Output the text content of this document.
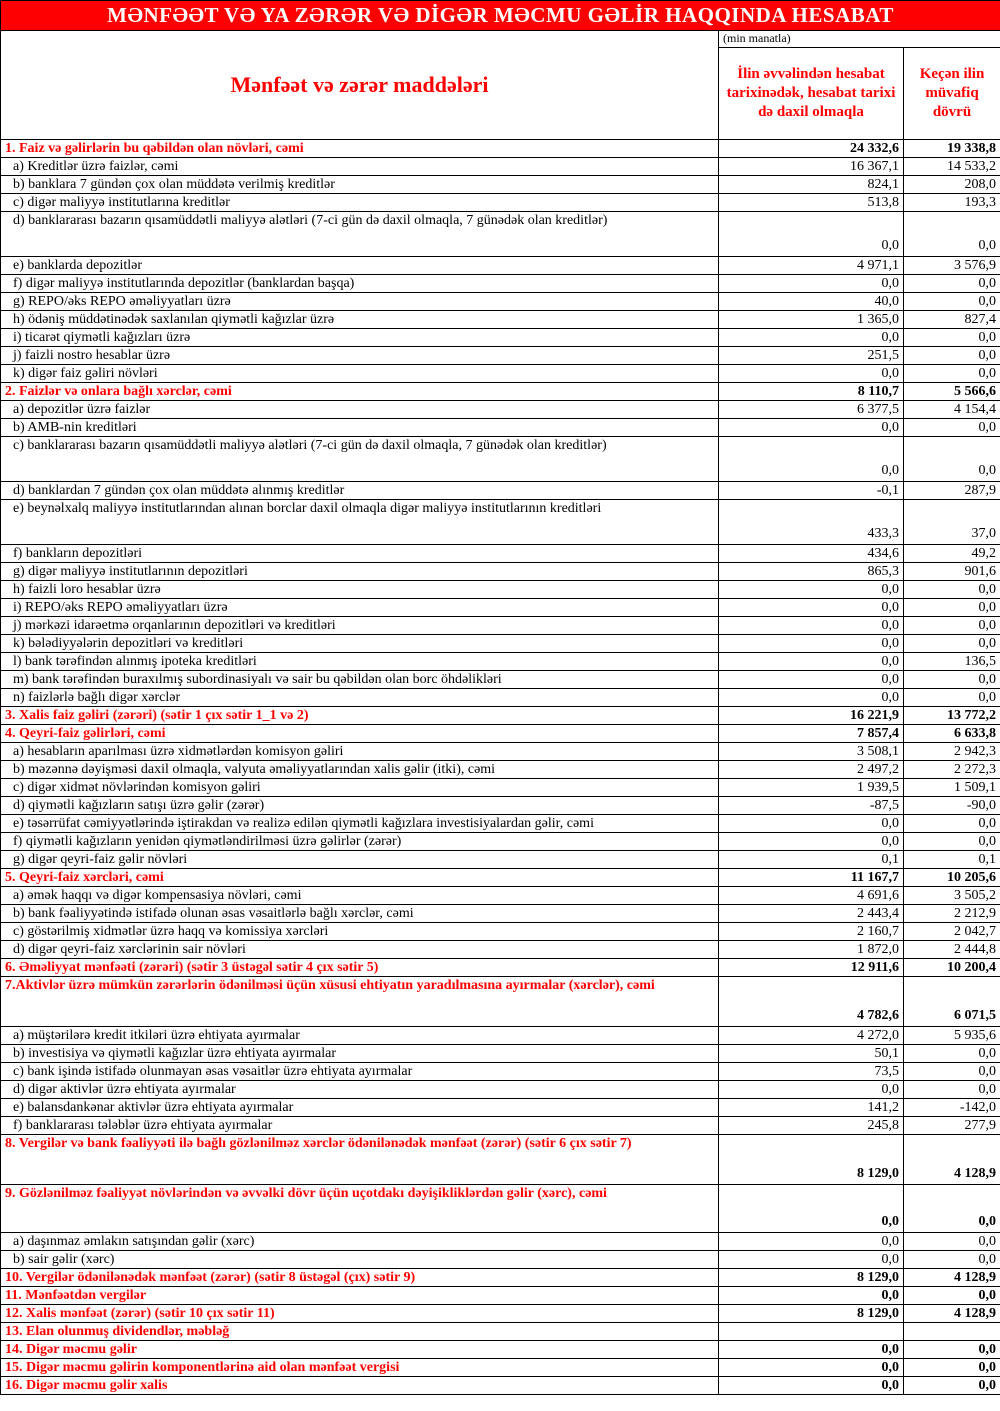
MƏNFƏƏT VƏ YA ZƏRƏR VƏ DİGƏR MƏCMU GƏLİR HAQQINDA HESABAT		
Mənfəət və zərər maddələri	(min manatla)	
	İlin əvvəlindən hesabat tarixinədək, hesabat tarixi də daxil olmaqla	Keçən ilin müvafiq dövrü
1. Faiz və gəlirlərin bu qəbildən olan növləri, cəmi	24 332,6	19 338,8
a) Kreditlər üzrə faizlər, cəmi	16 367,1	14 533,2
b) banklara 7 gündən çox olan müddətə verilmiş kreditlər	824,1	208,0
c) digər maliyyə institutlarına kreditlər	513,8	193,3
d) banklararası bazarın qısamüddətli maliyyə alətləri (7-ci gün də daxil olmaqla, 7 günədək olan kreditlər)	0,0	0,0
e) banklarda depozitlər	4 971,1	3 576,9
f) digər maliyyə institutlarında depozitlər (banklardan başqa)	0,0	0,0
g) REPO/əks REPO əməliyyatları üzrə	40,0	0,0
h) ödəniş müddətinədək saxlanılan qiymətli kağızlar üzrə	1 365,0	827,4
i) ticarət qiymətli kağızları üzrə	0,0	0,0
j) faizli nostro hesablar üzrə	251,5	0,0
k) digər faiz gəliri növləri	0,0	0,0
2. Faizlər və onlara bağlı xərclər, cəmi	8 110,7	5 566,6
a) depozitlər üzrə faizlər	6 377,5	4 154,4
b) AMB-nin kreditləri	0,0	0,0
c) banklararası bazarın qısamüddətli maliyyə alətləri (7-ci gün də daxil olmaqla, 7 günədək olan kreditlər)	0,0	0,0
d) banklardan 7 gündən çox olan müddətə alınmış kreditlər	-0,1	287,9
e) beynəlxalq maliyyə institutlarından alınan borclar daxil olmaqla digər maliyyə institutlarının kreditləri	433,3	37,0
f) bankların depozitləri	434,6	49,2
g) digər maliyyə institutlarının depozitləri	865,3	901,6
h) faizli loro hesablar üzrə	0,0	0,0
i) REPO/əks REPO əməliyyatları üzrə	0,0	0,0
j) mərkəzi idarəetmə orqanlarının depozitləri və kreditləri	0,0	0,0
k) bələdiyyələrin depozitləri və kreditləri	0,0	0,0
l) bank tərəfindən alınmış ipoteka kreditləri	0,0	136,5
m) bank tərəfindən buraxılmış subordinasiyalı və sair bu qəbildən olan borc öhdəlikləri	0,0	0,0
n) faizlərlə bağlı digər xərclər	0,0	0,0
3. Xalis faiz gəliri (zərəri) (sətir 1 çıx sətir 1_1 və 2)	16 221,9	13 772,2
4. Qeyri-faiz gəlirləri, cəmi	7 857,4	6 633,8
a) hesabların aparılması üzrə xidmətlərdən komisyon gəliri	3 508,1	2 942,3
b) məzənnə dəyişməsi daxil olmaqla, valyuta əməliyyatlarından xalis gəlir (itki), cəmi	2 497,2	2 272,3
c) digər xidmət növlərindən komisyon gəliri	1 939,5	1 509,1
d) qiymətli kağızların satışı üzrə gəlir (zərər)	-87,5	-90,0
e) təsərrüfat cəmiyyətlərində iştirakdan və realizə edilən qiymətli kağızlara investisiyalardan gəlir, cəmi	0,0	0,0
f) qiymətli kağızların yenidən qiymətləndirilməsi üzrə gəlirlər (zərər)	0,0	0,0
g) digər qeyri-faiz gəlir növləri	0,1	0,1
5. Qeyri-faiz xərcləri, cəmi	11 167,7	10 205,6
a) əmək haqqı və digər kompensasiya növləri, cəmi	4 691,6	3 505,2
b) bank fəaliyyətində istifadə olunan əsas vəsaitlərlə bağlı xərclər, cəmi	2 443,4	2 212,9
c) göstərilmiş xidmətlər üzrə haqq və komissiya xərcləri	2 160,7	2 042,7
d) digər qeyri-faiz xərclərinin sair növləri	1 872,0	2 444,8
6. Əməliyyat mənfəəti (zərəri) (sətir 3 üstəgəl sətir 4 çıx sətir 5)	12 911,6	10 200,4
7.Aktivlər üzrə mümkün zərərlərin ödənilməsi üçün xüsusi ehtiyatın yaradılmasına ayırmalar (xərclər), cəmi	4 782,6	6 071,5
a) müştərilərə kredit itkiləri üzrə ehtiyata ayırmalar	4 272,0	5 935,6
b) investisiya və qiymətli kağızlar üzrə ehtiyata ayırmalar	50,1	0,0
c) bank işində istifadə olunmayan əsas vəsaitlər üzrə ehtiyata ayırmalar	73,5	0,0
d) digər aktivlər üzrə ehtiyata ayırmalar	0,0	0,0
e) balansdankənar aktivlər üzrə ehtiyata ayırmalar	141,2	-142,0
f) banklararası tələblər üzrə ehtiyata ayırmalar	245,8	277,9
8. Vergilər və bank fəaliyyəti ilə bağlı gözlənilməz xərclər ödənilənədək mənfəət (zərər) (sətir 6 çıx sətir 7)	8 129,0	4 128,9
9. Gözlənilməz fəaliyyət növlərindən və əvvəlki dövr üçün uçotdakı dəyişikliklərdən gəlir (xərc), cəmi	0,0	0,0
a) daşınmaz əmlakın satışından gəlir (xərc)	0,0	0,0
b) sair gəlir (xərc)	0,0	0,0
10. Vergilər ödənilənədək mənfəət (zərər) (sətir 8 üstəgəl (çıx) sətir 9)	8 129,0	4 128,9
11. Mənfəətdən vergilər	0,0	0,0
12. Xalis mənfəət (zərər) (sətir 10 çıx sətir 11)	8 129,0	4 128,9
13. Elan olunmuş dividendlər, məbləğ		
14. Digər məcmu gəlir	0,0	0,0
15. Digər məcmu gəlirin komponentlərinə aid olan mənfəət vergisi	0,0	0,0
16. Digər məcmu gəlir xalis	0,0	0,0
